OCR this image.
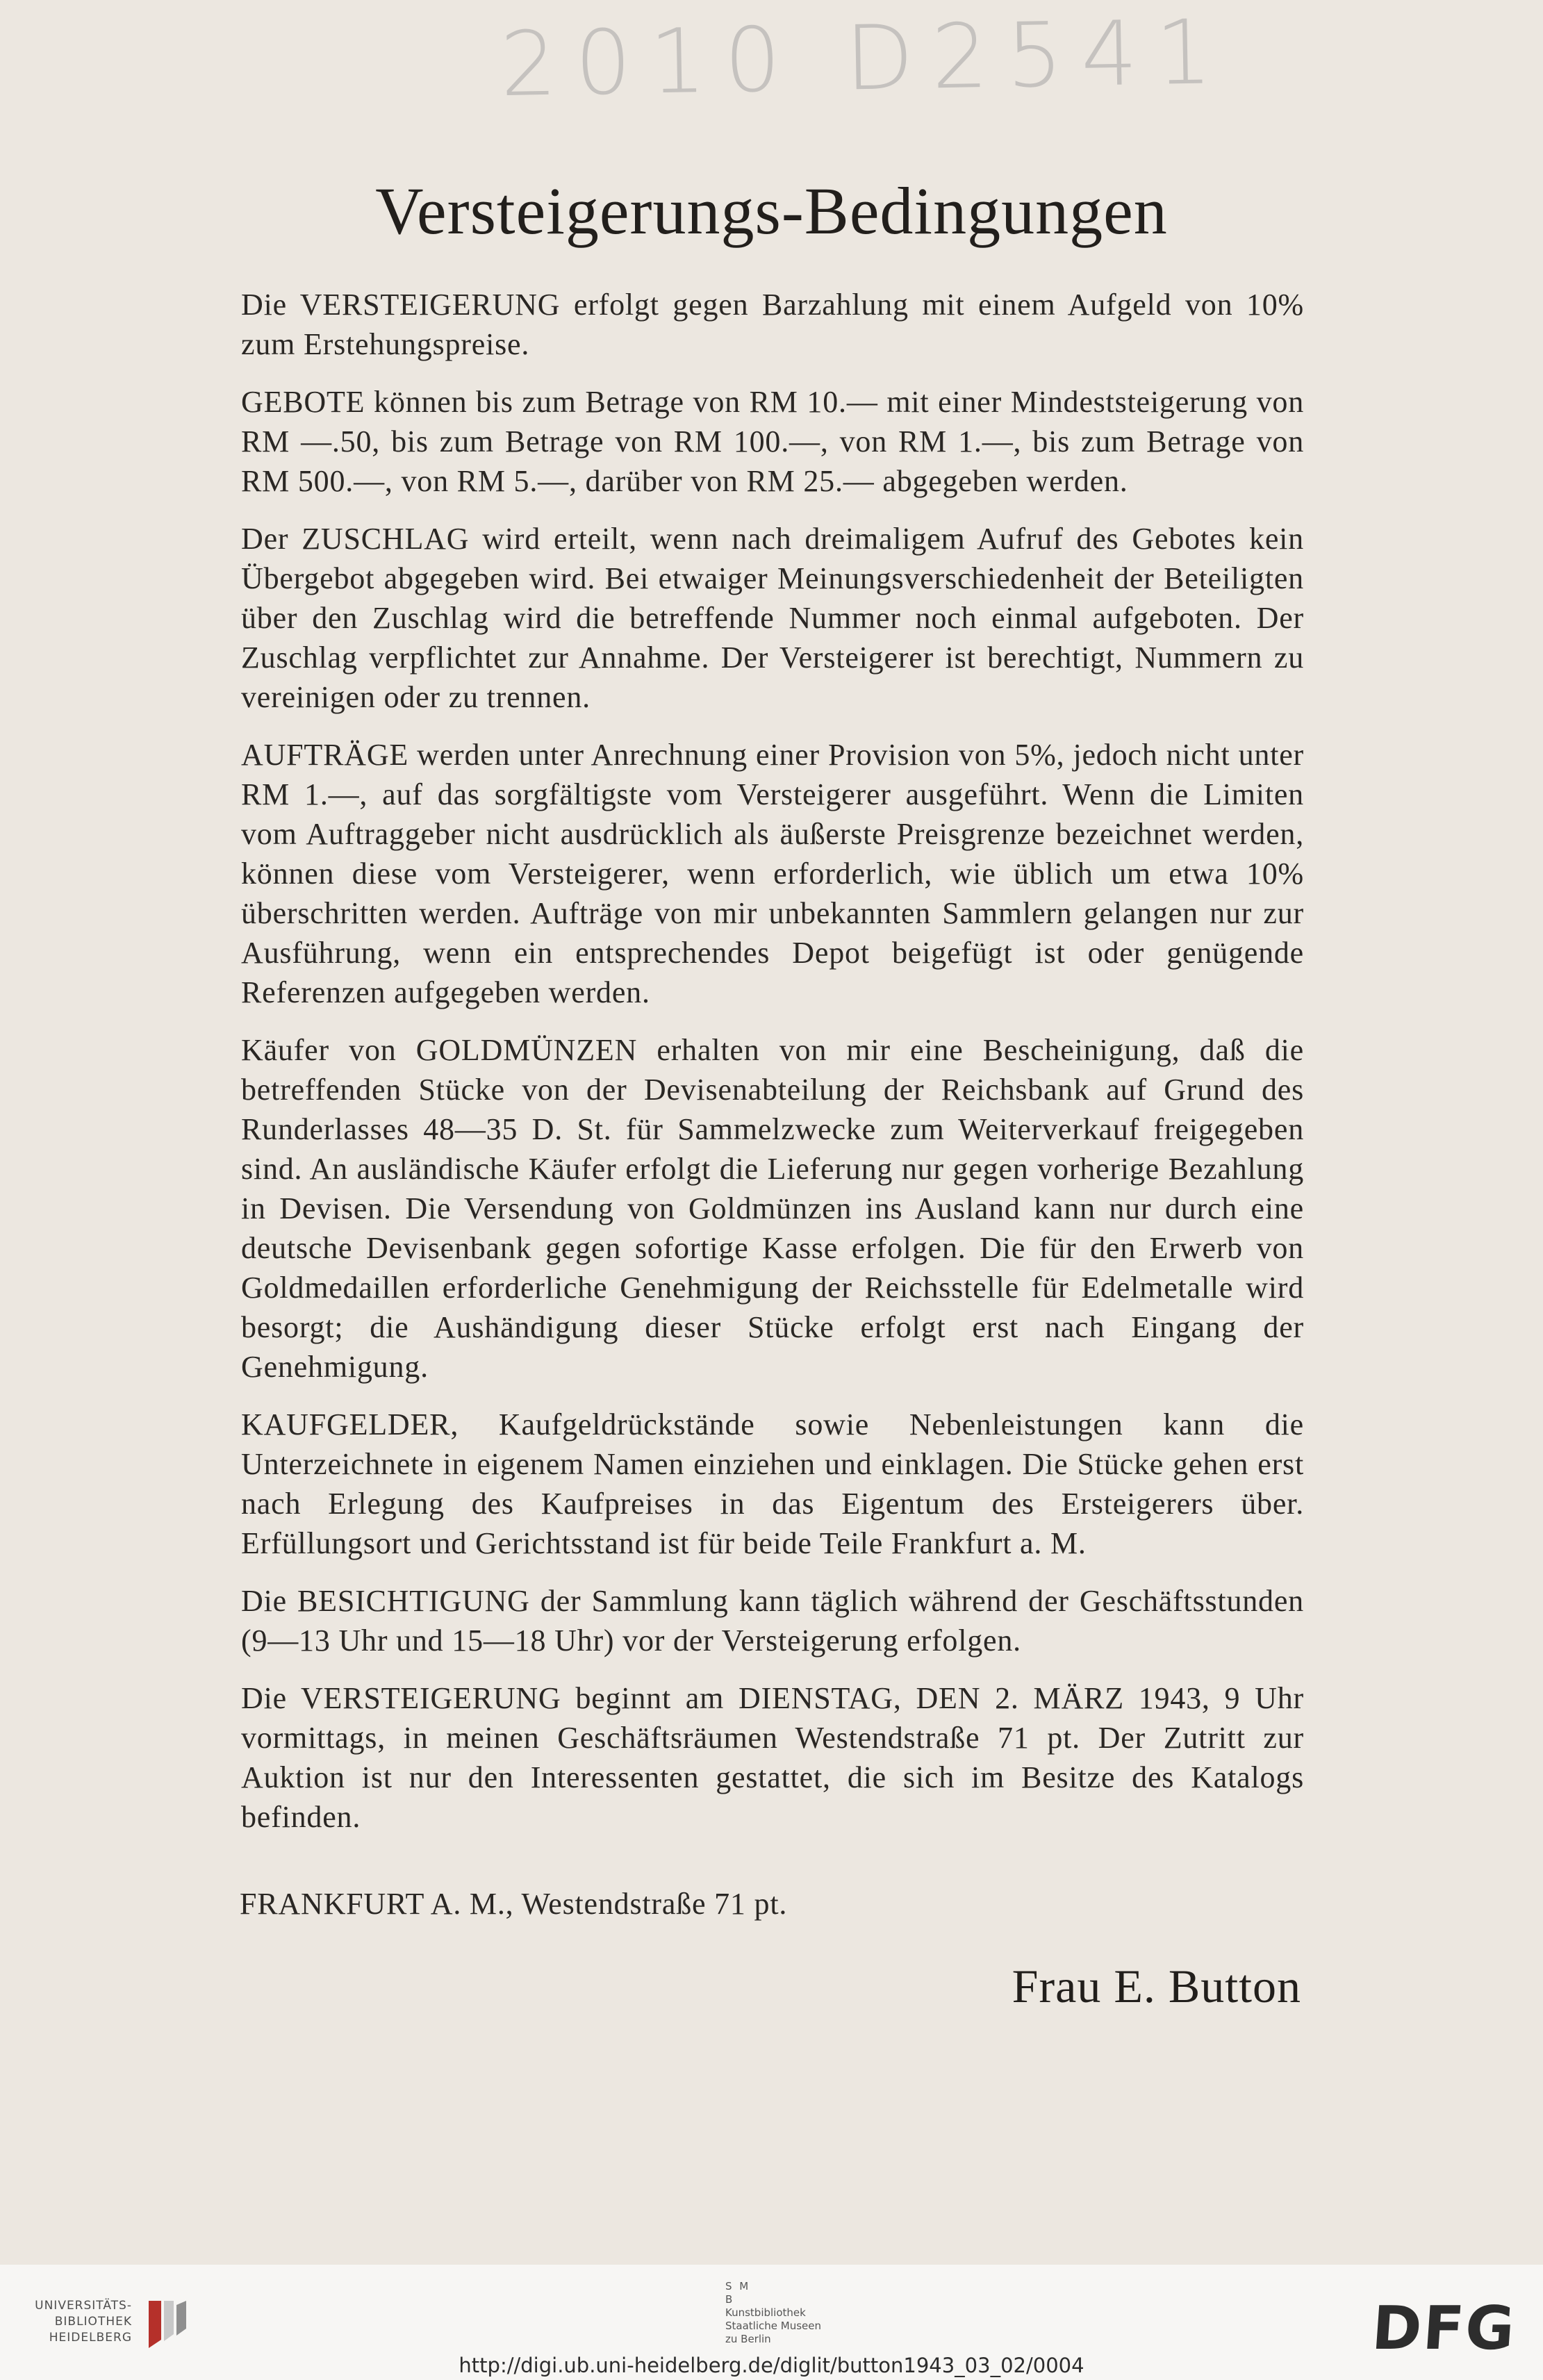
2010 D2541
Versteigerungs-Bedingungen

Die VERSTEIGERUNG erfolgt gegen Barzahlung mit einem Aufgeld von 10% zum Erstehungspreise.

GEBOTE können bis zum Betrage von RM 10.— mit einer Mindeststeigerung von RM —.50, bis zum Betrage von RM 100.—, von RM 1.—, bis zum Betrage von RM 500.—, von RM 5.—, darüber von RM 25.— abgegeben werden.

Der ZUSCHLAG wird erteilt, wenn nach dreimaligem Aufruf des Gebotes kein Übergebot abgegeben wird. Bei etwaiger Meinungsverschiedenheit der Beteiligten über den Zuschlag wird die betreffende Nummer noch einmal aufgeboten. Der Zuschlag verpflichtet zur Annahme. Der Versteigerer ist berechtigt, Nummern zu vereinigen oder zu trennen.

AUFTRÄGE werden unter Anrechnung einer Provision von 5%, jedoch nicht unter RM 1.—, auf das sorgfältigste vom Versteigerer ausgeführt. Wenn die Limiten vom Auftraggeber nicht ausdrücklich als äußerste Preisgrenze bezeichnet werden, können diese vom Versteigerer, wenn erforderlich, wie üblich um etwa 10% überschritten werden. Aufträge von mir unbekannten Sammlern gelangen nur zur Ausführung, wenn ein entsprechendes Depot beigefügt ist oder genügende Referenzen aufgegeben werden.

Käufer von GOLDMÜNZEN erhalten von mir eine Bescheinigung, daß die betreffenden Stücke von der Devisenabteilung der Reichsbank auf Grund des Runderlasses 48—35 D. St. für Sammelzwecke zum Weiterverkauf freigegeben sind. An ausländische Käufer erfolgt die Lieferung nur gegen vorherige Bezahlung in Devisen. Die Versendung von Goldmünzen ins Ausland kann nur durch eine deutsche Devisenbank gegen sofortige Kasse erfolgen. Die für den Erwerb von Goldmedaillen erforderliche Genehmigung der Reichsstelle für Edelmetalle wird besorgt; die Aushändigung dieser Stücke erfolgt erst nach Eingang der Genehmigung.

KAUFGELDER, Kaufgeldrückstände sowie Nebenleistungen kann die Unterzeichnete in eigenem Namen einziehen und einklagen. Die Stücke gehen erst nach Erlegung des Kaufpreises in das Eigentum des Ersteigerers über. Erfüllungsort und Gerichtsstand ist für beide Teile Frankfurt a. M.

Die BESICHTIGUNG der Sammlung kann täglich während der Geschäftsstunden (9—13 Uhr und 15—18 Uhr) vor der Versteigerung erfolgen.

Die VERSTEIGERUNG beginnt am DIENSTAG, DEN 2. MÄRZ 1943, 9 Uhr vormittags, in meinen Geschäftsräumen Westendstraße 71 pt. Der Zutritt zur Auktion ist nur den Interessenten gestattet, die sich im Besitze des Katalogs befinden.

FRANKFURT A. M., Westendstraße 71 pt.
Frau E. Button
UNIVERSITÄTS-
BIBLIOTHEK
HEIDELBERG
S M
B
Kunstbibliothek
Staatliche Museen
zu Berlin	DFG
http://digi.ub.uni-heidelberg.de/diglit/button1943_03_02/0004
